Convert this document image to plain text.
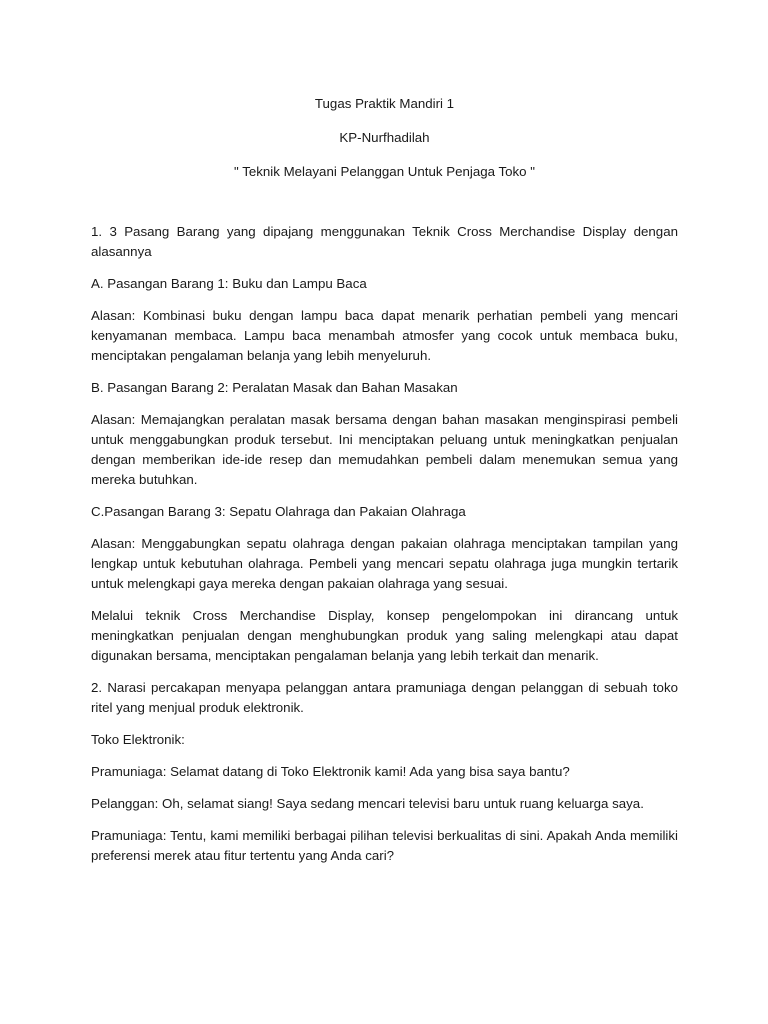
Tugas Praktik Mandiri 1
KP-Nurfhadilah
" Teknik Melayani Pelanggan Untuk Penjaga Toko "
1. 3 Pasang Barang yang dipajang menggunakan Teknik Cross Merchandise Display dengan alasannya
A. Pasangan Barang 1: Buku dan Lampu Baca
Alasan: Kombinasi buku dengan lampu baca dapat menarik perhatian pembeli yang mencari kenyamanan membaca. Lampu baca menambah atmosfer yang cocok untuk membaca buku, menciptakan pengalaman belanja yang lebih menyeluruh.
B. Pasangan Barang 2: Peralatan Masak dan Bahan Masakan
Alasan: Memajangkan peralatan masak bersama dengan bahan masakan menginspirasi pembeli untuk menggabungkan produk tersebut. Ini menciptakan peluang untuk meningkatkan penjualan dengan memberikan ide-ide resep dan memudahkan pembeli dalam menemukan semua yang mereka butuhkan.
C.Pasangan Barang 3: Sepatu Olahraga dan Pakaian Olahraga
Alasan: Menggabungkan sepatu olahraga dengan pakaian olahraga menciptakan tampilan yang lengkap untuk kebutuhan olahraga. Pembeli yang mencari sepatu olahraga juga mungkin tertarik untuk melengkapi gaya mereka dengan pakaian olahraga yang sesuai.
Melalui teknik Cross Merchandise Display, konsep pengelompokan ini dirancang untuk meningkatkan penjualan dengan menghubungkan produk yang saling melengkapi atau dapat digunakan bersama, menciptakan pengalaman belanja yang lebih terkait dan menarik.
2. Narasi percakapan menyapa pelanggan antara pramuniaga dengan pelanggan di sebuah toko ritel yang menjual produk elektronik.
Toko Elektronik:
Pramuniaga: Selamat datang di Toko Elektronik kami! Ada yang bisa saya bantu?
Pelanggan: Oh, selamat siang! Saya sedang mencari televisi baru untuk ruang keluarga saya.
Pramuniaga: Tentu, kami memiliki berbagai pilihan televisi berkualitas di sini. Apakah Anda memiliki preferensi merek atau fitur tertentu yang Anda cari?
